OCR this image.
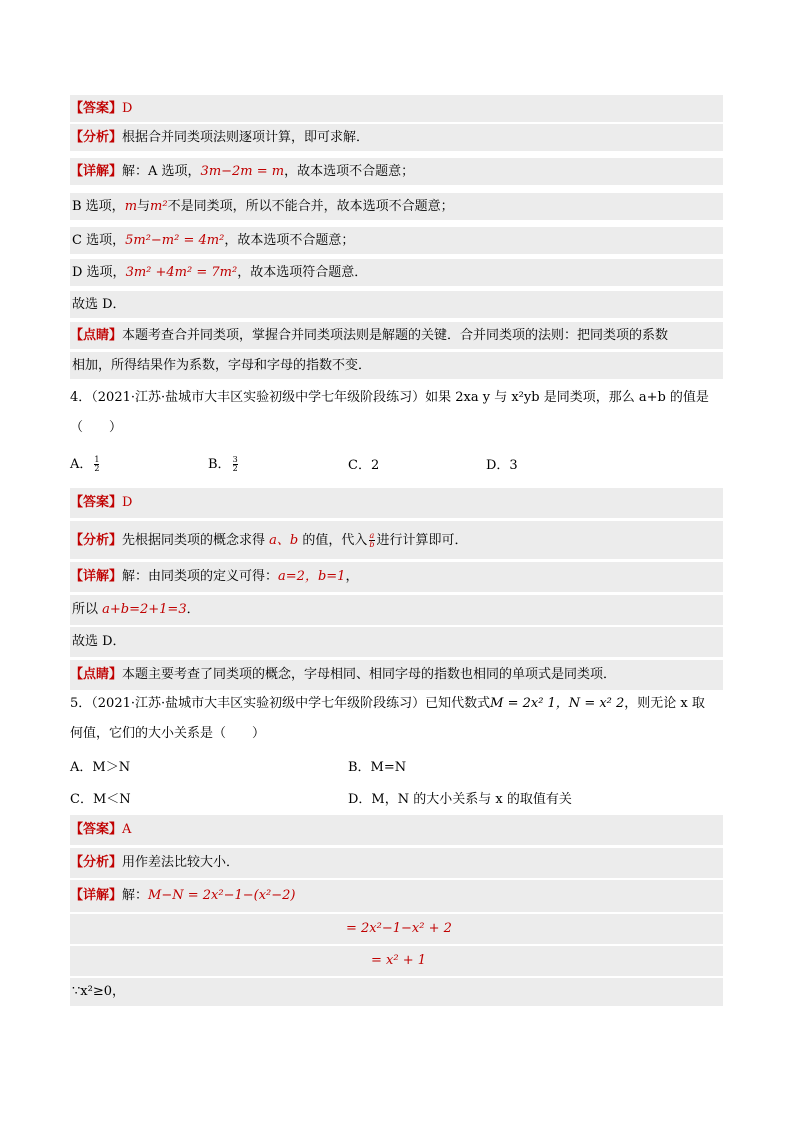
【答案】D
【分析】根据合并同类项法则逐项计算，即可求解．
【详解】解：A 选项，3m−2m = m，故本选项不合题意；
B 选项，m与m²不是同类项，所以不能合并，故本选项不合题意；
C 选项，5m²−m² = 4m²，故本选项不合题意；
D 选项，3m² +4m² = 7m²，故本选项符合题意．
故选 D．
【点睛】本题考查合并同类项，掌握合并同类项法则是解题的关键．合并同类项的法则：把同类项的系数
相加，所得结果作为系数，字母和字母的指数不变．
4．（2021·江苏·盐城市大丰区实验初级中学七年级阶段练习）如果 2xa y 与 x²yb 是同类项，那么 a+b 的值是
（　　）
A． $\frac{1}{2}$	B． $\frac{3}{2}$	C．2	D．3
【答案】D
【分析】先根据同类项的概念求得 a、b 的值，代入 $\frac{a}{b}$ 进行计算即可．
【详解】解：由同类项的定义可得：a=2，b=1，
所以 a+b=2+1=3．
故选 D．
【点睛】本题主要考查了同类项的概念，字母相同、相同字母的指数也相同的单项式是同类项．
5．（2021·江苏·盐城市大丰区实验初级中学七年级阶段练习）已知代数式M = 2x² 1，N = x² 2，则无论 x 取
何值，它们的大小关系是（　　）
A．M＞N	B．M=N
C．M＜N	D．M，N 的大小关系与 x 的取值有关
【答案】A
【分析】用作差法比较大小．
【详解】解：M−N = 2x²−1−(x²−2)
= 2x²−1−x² + 2
= x² + 1
∵x²≥0，
